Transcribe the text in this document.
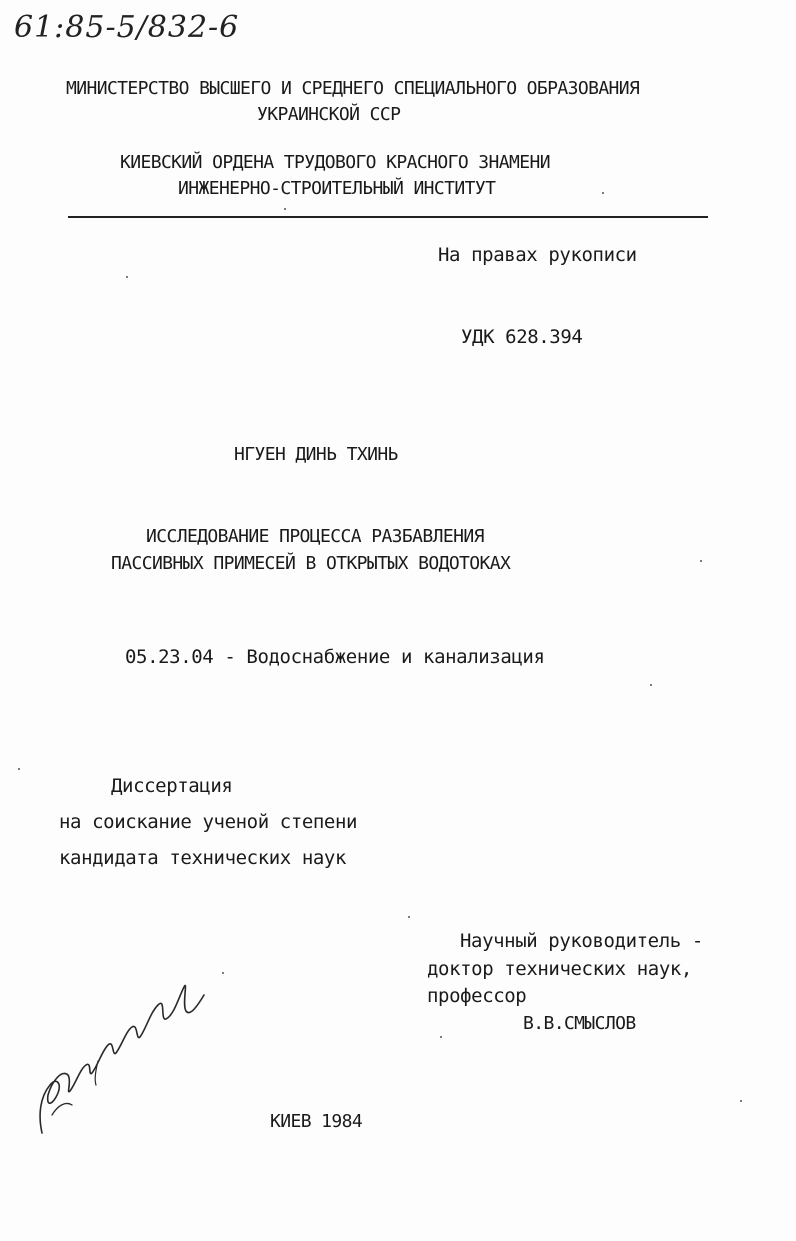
61:85-5/832-6
МИНИСТЕРСТВО ВЫСШЕГО И СРЕДНЕГО СПЕЦИАЛЬНОГО ОБРАЗОВАНИЯ
УКРАИНСКОЙ ССР
КИЕВСКИЙ ОРДЕНА ТРУДОВОГО КРАСНОГО ЗНАМЕНИ
ИНЖЕНЕРНО-СТРОИТЕЛЬНЫЙ ИНСТИТУТ
На правах рукописи
УДК 628.394
НГУЕН ДИНЬ ТХИНЬ
ИССЛЕДОВАНИЕ ПРОЦЕССА РАЗБАВЛЕНИЯ
ПАССИВНЫХ ПРИМЕСЕЙ В ОТКРЫТЫХ ВОДОТОКАХ
05.23.04 - Водоснабжение и канализация
Диссертация
на соискание ученой степени
кандидата технических наук
Научный руководитель -
доктор технических наук,
профессор
В.В.СМЫСЛОВ
КИЕВ 1984
